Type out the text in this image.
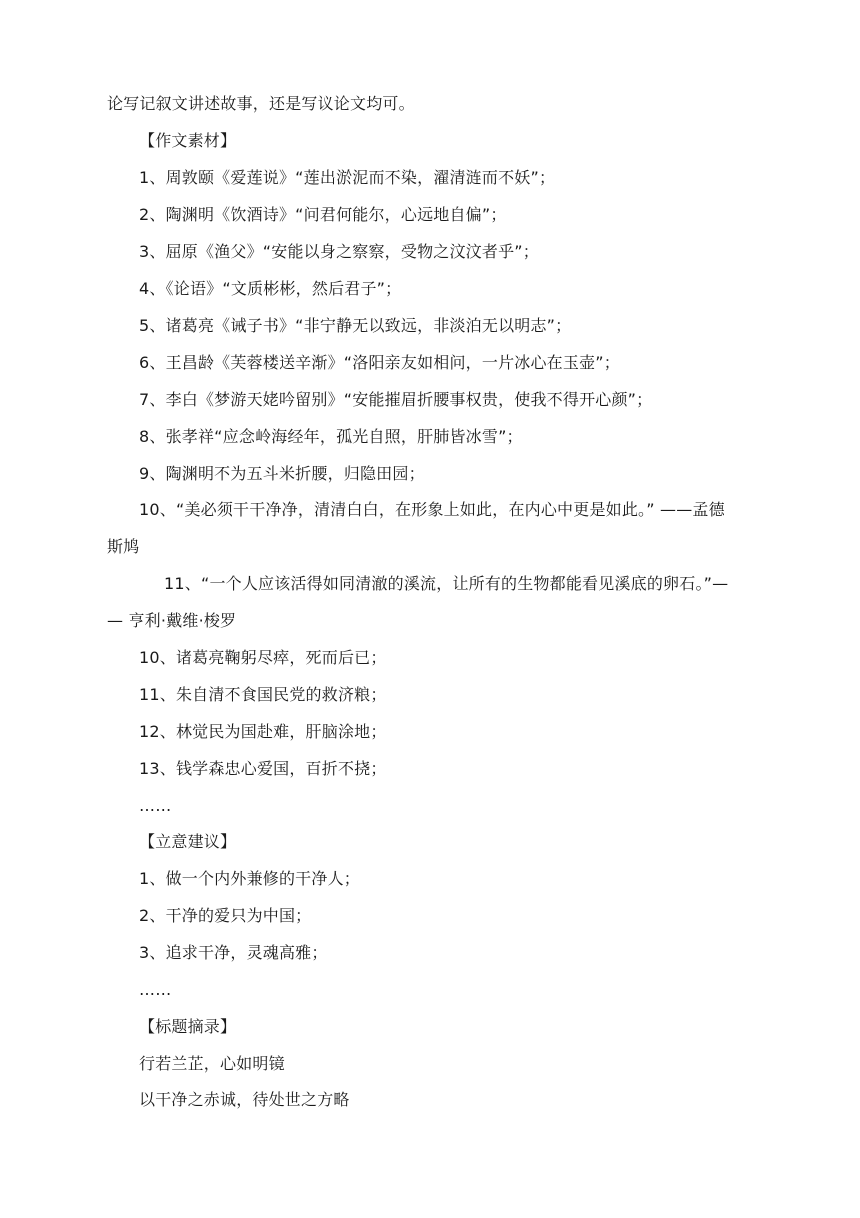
论写记叙文讲述故事，还是写议论文均可。
【作文素材】
1、周敦颐《爱莲说》“莲出淤泥而不染，濯清涟而不妖”；
2、陶渊明《饮酒诗》“问君何能尔，心远地自偏”；
3、屈原《渔父》“安能以身之察察，受物之汶汶者乎”；
4、《论语》“文质彬彬，然后君子”；
5、诸葛亮《诫子书》“非宁静无以致远，非淡泊无以明志”；
6、王昌龄《芙蓉楼送辛渐》“洛阳亲友如相问，一片冰心在玉壶”；
7、李白《梦游天姥吟留别》“安能摧眉折腰事权贵，使我不得开心颜”；
8、张孝祥“应念岭海经年，孤光自照，肝肺皆冰雪”；
9、陶渊明不为五斗米折腰，归隐田园；
10、“美必须干干净净，清清白白，在形象上如此，在内心中更是如此。” ——孟德
斯鸠
11、“一个人应该活得如同清澈的溪流，让所有的生物都能看见溪底的卵石。”—
— 亨利·戴维·梭罗
10、诸葛亮鞠躬尽瘁，死而后已；
11、朱自清不食国民党的救济粮；
12、林觉民为国赴难，肝脑涂地；
13、钱学森忠心爱国，百折不挠；
……
【立意建议】
1、做一个内外兼修的干净人；
2、干净的爱只为中国；
3、追求干净，灵魂高雅；
……
【标题摘录】
行若兰芷，心如明镜
以干净之赤诚，待处世之方略
